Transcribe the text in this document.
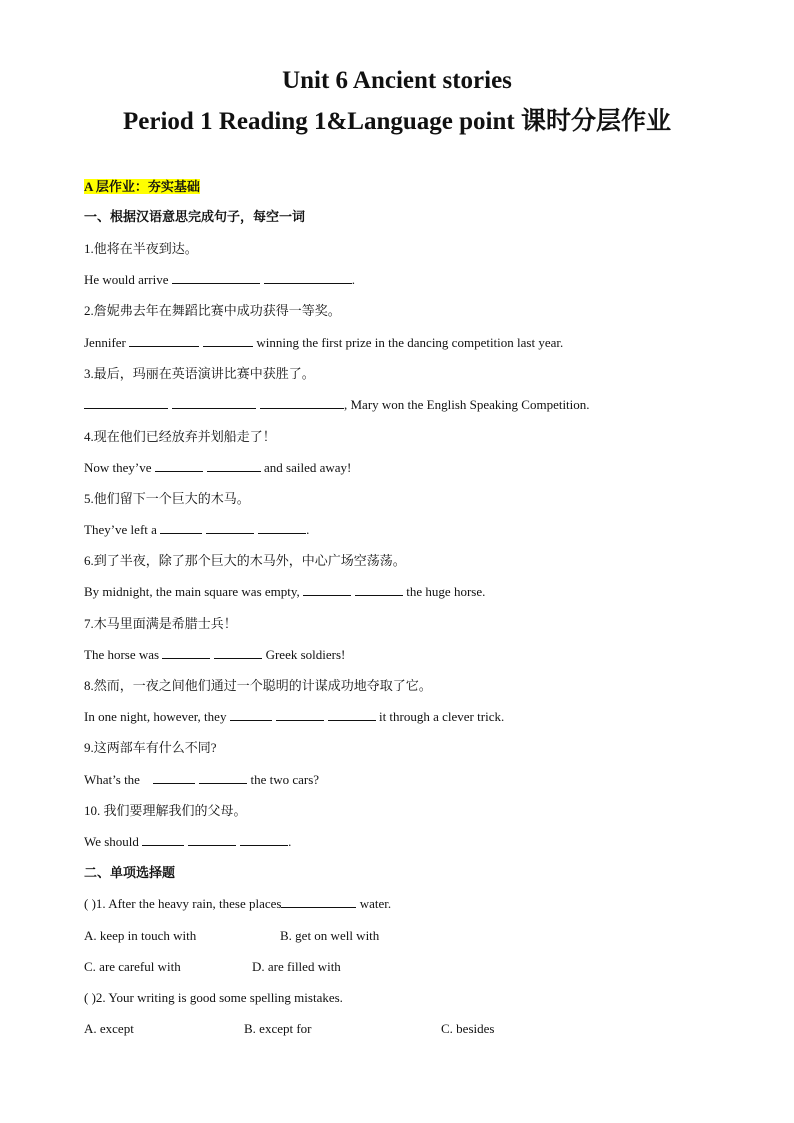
Unit 6 Ancient stories
Period 1 Reading 1&Language point 课时分层作业
A 层作业：夯实基础
一、根据汉语意思完成句子，每空一词
1.他将在半夜到达。
He would arrive	.
2.詹妮弗去年在舞蹈比赛中成功获得一等奖。
Jennifer	winning the first prize in the dancing competition last year.
3.最后，玛丽在英语演讲比赛中获胜了。
, Mary won the English Speaking Competition.
4.现在他们已经放弃并划船走了！
Now they’ve	and sailed away!
5.他们留下一个巨大的木马。
They’ve left a	.
6.到了半夜，除了那个巨大的木马外，中心广场空荡荡。
By midnight, the main square was empty,	the huge horse.
7.木马里面满是希腊士兵！
The horse was	Greek soldiers!
8.然而，一夜之间他们通过一个聪明的计谋成功地夺取了它。
In one night, however, they	it through a clever trick.
9.这两部车有什么不同?
What’s the	the two cars?
10. 我们要理解我们的父母。
We should	.
二、单项选择题
( )1. After the heavy rain, these places	water.
A. keep in touch with	B. get on well with
C. are careful with	D. are filled with
( )2. Your writing is good some spelling mistakes.
A. except	B. except for	C. besides
